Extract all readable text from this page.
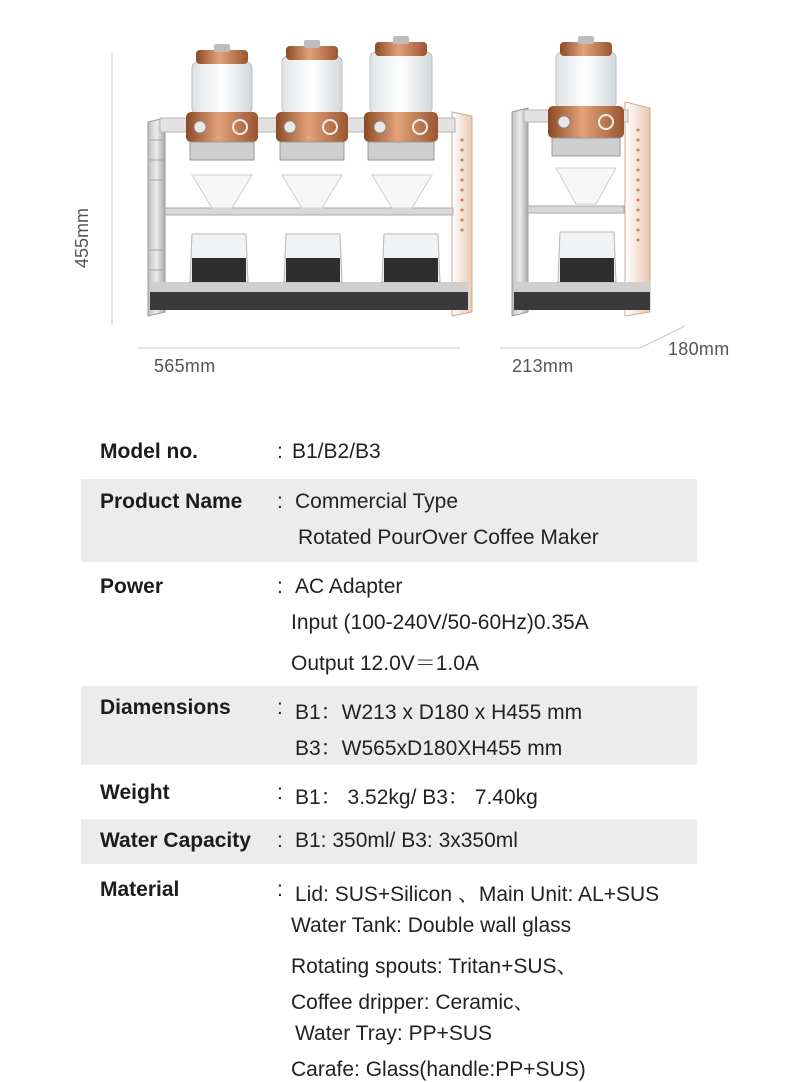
455mm
565mm	213mm
180mm
Model no.	: B1/B2/B3
Product Name : Commercial Type
Rotated PourOver Coffee Maker
Power	: AC Adapter
Input (100-240V/50-60Hz)0.35A
Output 12.0V＝1.0A
Diamensions : B1：W213 x D180 x H455 mm
B3：W565xD180XH455 mm
Weight	: B1： 3.52kg/ B3： 7.40kg
Water Capacity : B1: 350ml/ B3: 3x350ml
Material	: Lid: SUS+Silicon 、Main Unit: AL+SUS
Water Tank: Double wall glass
Rotating spouts: Tritan+SUS、
Coffee dripper: Ceramic、
Water Tray: PP+SUS
Carafe: Glass(handle:PP+SUS)
